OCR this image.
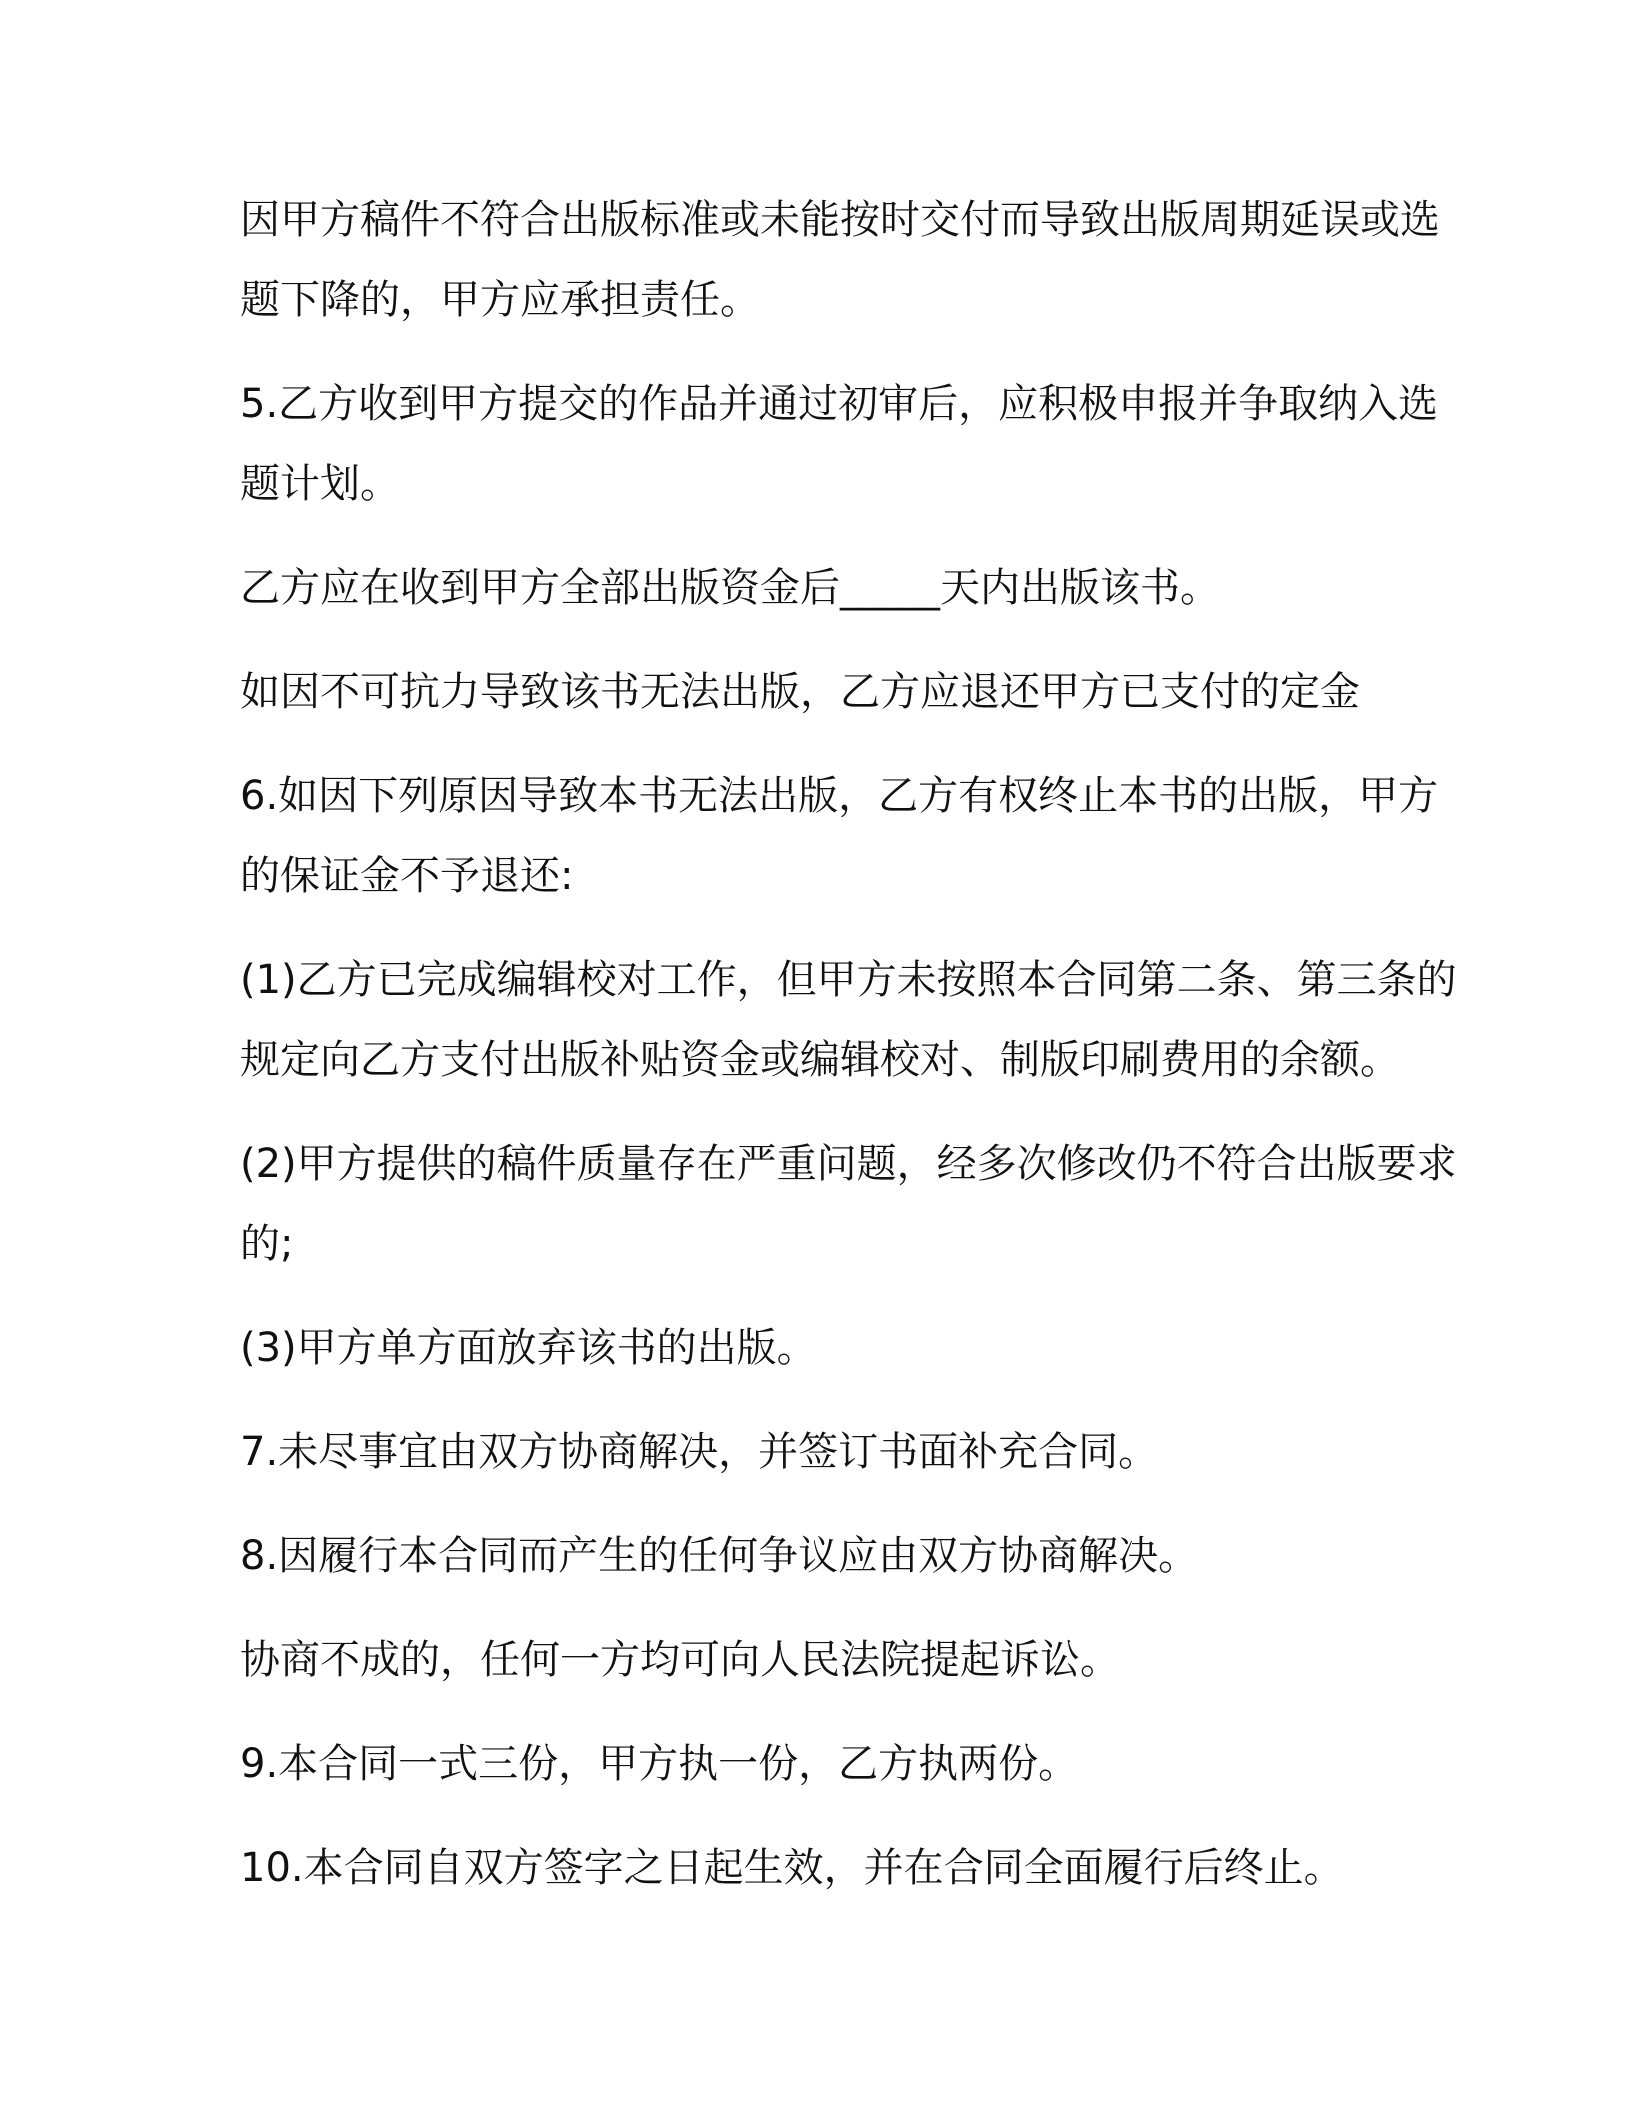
因甲方稿件不符合出版标准或未能按时交付而导致出版周期延误或选
题下降的，甲方应承担责任。

5.乙方收到甲方提交的作品并通过初审后，应积极申报并争取纳入选
题计划。

乙方应在收到甲方全部出版资金后_____天内出版该书。

如因不可抗力导致该书无法出版，乙方应退还甲方已支付的定金

6.如因下列原因导致本书无法出版，乙方有权终止本书的出版，甲方
的保证金不予退还:

(1)乙方已完成编辑校对工作，但甲方未按照本合同第二条、第三条的
规定向乙方支付出版补贴资金或编辑校对、制版印刷费用的余额。

(2)甲方提供的稿件质量存在严重问题，经多次修改仍不符合出版要求
的;

(3)甲方单方面放弃该书的出版。

7.未尽事宜由双方协商解决，并签订书面补充合同。

8.因履行本合同而产生的任何争议应由双方协商解决。

协商不成的，任何一方均可向人民法院提起诉讼。

9.本合同一式三份，甲方执一份，乙方执两份。

10.本合同自双方签字之日起生效，并在合同全面履行后终止。
